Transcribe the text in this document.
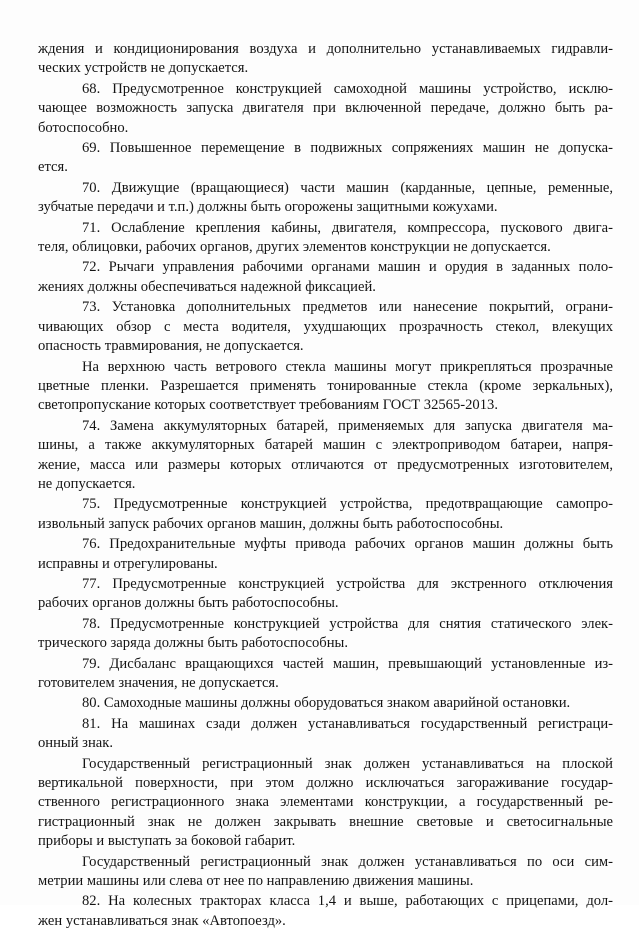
ждения и кондиционирования воздуха и дополнительно устанавливаемых гидравли-
ческих устройств не допускается.
68. Предусмотренное конструкцией самоходной машины устройство, исклю-
чающее возможность запуска двигателя при включенной передаче, должно быть ра-
ботоспособно.
69. Повышенное перемещение в подвижных сопряжениях машин не допуска-
ется.
70. Движущие (вращающиеся) части машин (карданные, цепные, ременные,
зубчатые передачи и т.п.) должны быть огорожены защитными кожухами.
71. Ослабление крепления кабины, двигателя, компрессора, пускового двига-
теля, облицовки, рабочих органов, других элементов конструкции не допускается.
72. Рычаги управления рабочими органами машин и орудия в заданных поло-
жениях должны обеспечиваться надежной фиксацией.
73. Установка дополнительных предметов или нанесение покрытий, ограни-
чивающих обзор с места водителя, ухудшающих прозрачность стекол, влекущих
опасность травмирования, не допускается.
На верхнюю часть ветрового стекла машины могут прикрепляться прозрачные
цветные пленки. Разрешается применять тонированные стекла (кроме зеркальных),
светопропускание которых соответствует требованиям ГОСТ 32565-2013.
74. Замена аккумуляторных батарей, применяемых для запуска двигателя ма-
шины, а также аккумуляторных батарей машин с электроприводом батареи, напря-
жение, масса или размеры которых отличаются от предусмотренных изготовителем,
не допускается.
75. Предусмотренные конструкцией устройства, предотвращающие самопро-
извольный запуск рабочих органов машин, должны быть работоспособны.
76. Предохранительные муфты привода рабочих органов машин должны быть
исправны и отрегулированы.
77. Предусмотренные конструкцией устройства для экстренного отключения
рабочих органов должны быть работоспособны.
78. Предусмотренные конструкцией устройства для снятия статического элек-
трического заряда должны быть работоспособны.
79. Дисбаланс вращающихся частей машин, превышающий установленные из-
готовителем значения, не допускается.
80. Самоходные машины должны оборудоваться знаком аварийной остановки.
81. На машинах сзади должен устанавливаться государственный регистраци-
онный знак.
Государственный регистрационный знак должен устанавливаться на плоской
вертикальной поверхности, при этом должно исключаться загораживание государ-
ственного регистрационного знака элементами конструкции, а государственный ре-
гистрационный знак не должен закрывать внешние световые и светосигнальные
приборы и выступать за боковой габарит.
Государственный регистрационный знак должен устанавливаться по оси сим-
метрии машины или слева от нее по направлению движения машины.
82. На колесных тракторах класса 1,4 и выше, работающих с прицепами, дол-
жен устанавливаться знак «Автопоезд».
